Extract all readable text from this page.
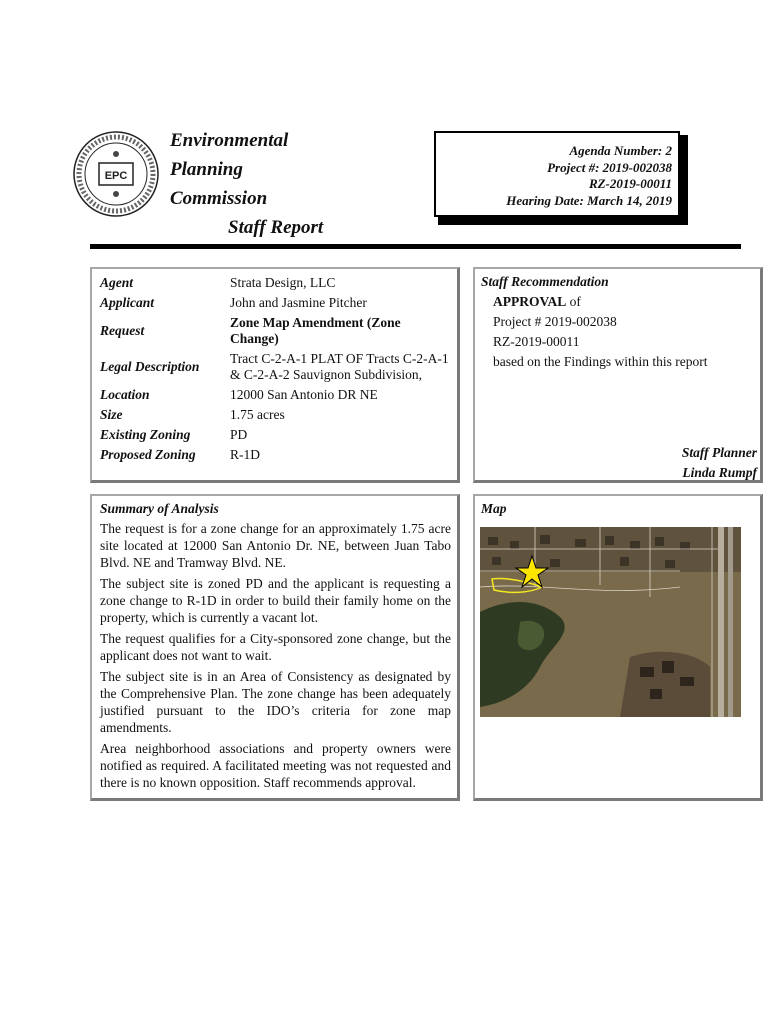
EPC
Environmental
Planning
Commission
Staff Report
Agenda Number: 2
Project #: 2019-002038
RZ-2019-00011
Hearing Date: March 14, 2019
Agent	Strata Design, LLC
Applicant	John and Jasmine Pitcher
Request	Zone Map Amendment (Zone Change)
Legal Description	Tract C-2-A-1 PLAT OF Tracts C-2-A-1 & C-2-A-2 Sauvignon Subdivision,
Location	12000 San Antonio DR NE
Size	1.75 acres
Existing Zoning	PD
Proposed Zoning	R-1D
Staff Recommendation
APPROVAL of
Project # 2019-002038
RZ-2019-00011
based on the Findings within this report
Staff Planner
Linda Rumpf
Summary of Analysis

The request is for a zone change for an approximately 1.75 acre site located at 12000 San Antonio Dr. NE, between Juan Tabo Blvd. NE and Tramway Blvd. NE.

The subject site is zoned PD and the applicant is requesting a zone change to R-1D in order to build their family home on the property, which is currently a vacant lot.

The request qualifies for a City-sponsored zone change, but the applicant does not want to wait.

The subject site is in an Area of Consistency as designated by the Comprehensive Plan. The zone change has been adequately justified pursuant to the IDO’s criteria for zone map amendments.

Area neighborhood associations and property owners were notified as required. A facilitated meeting was not requested and there is no known opposition. Staff recommends approval.

Map
